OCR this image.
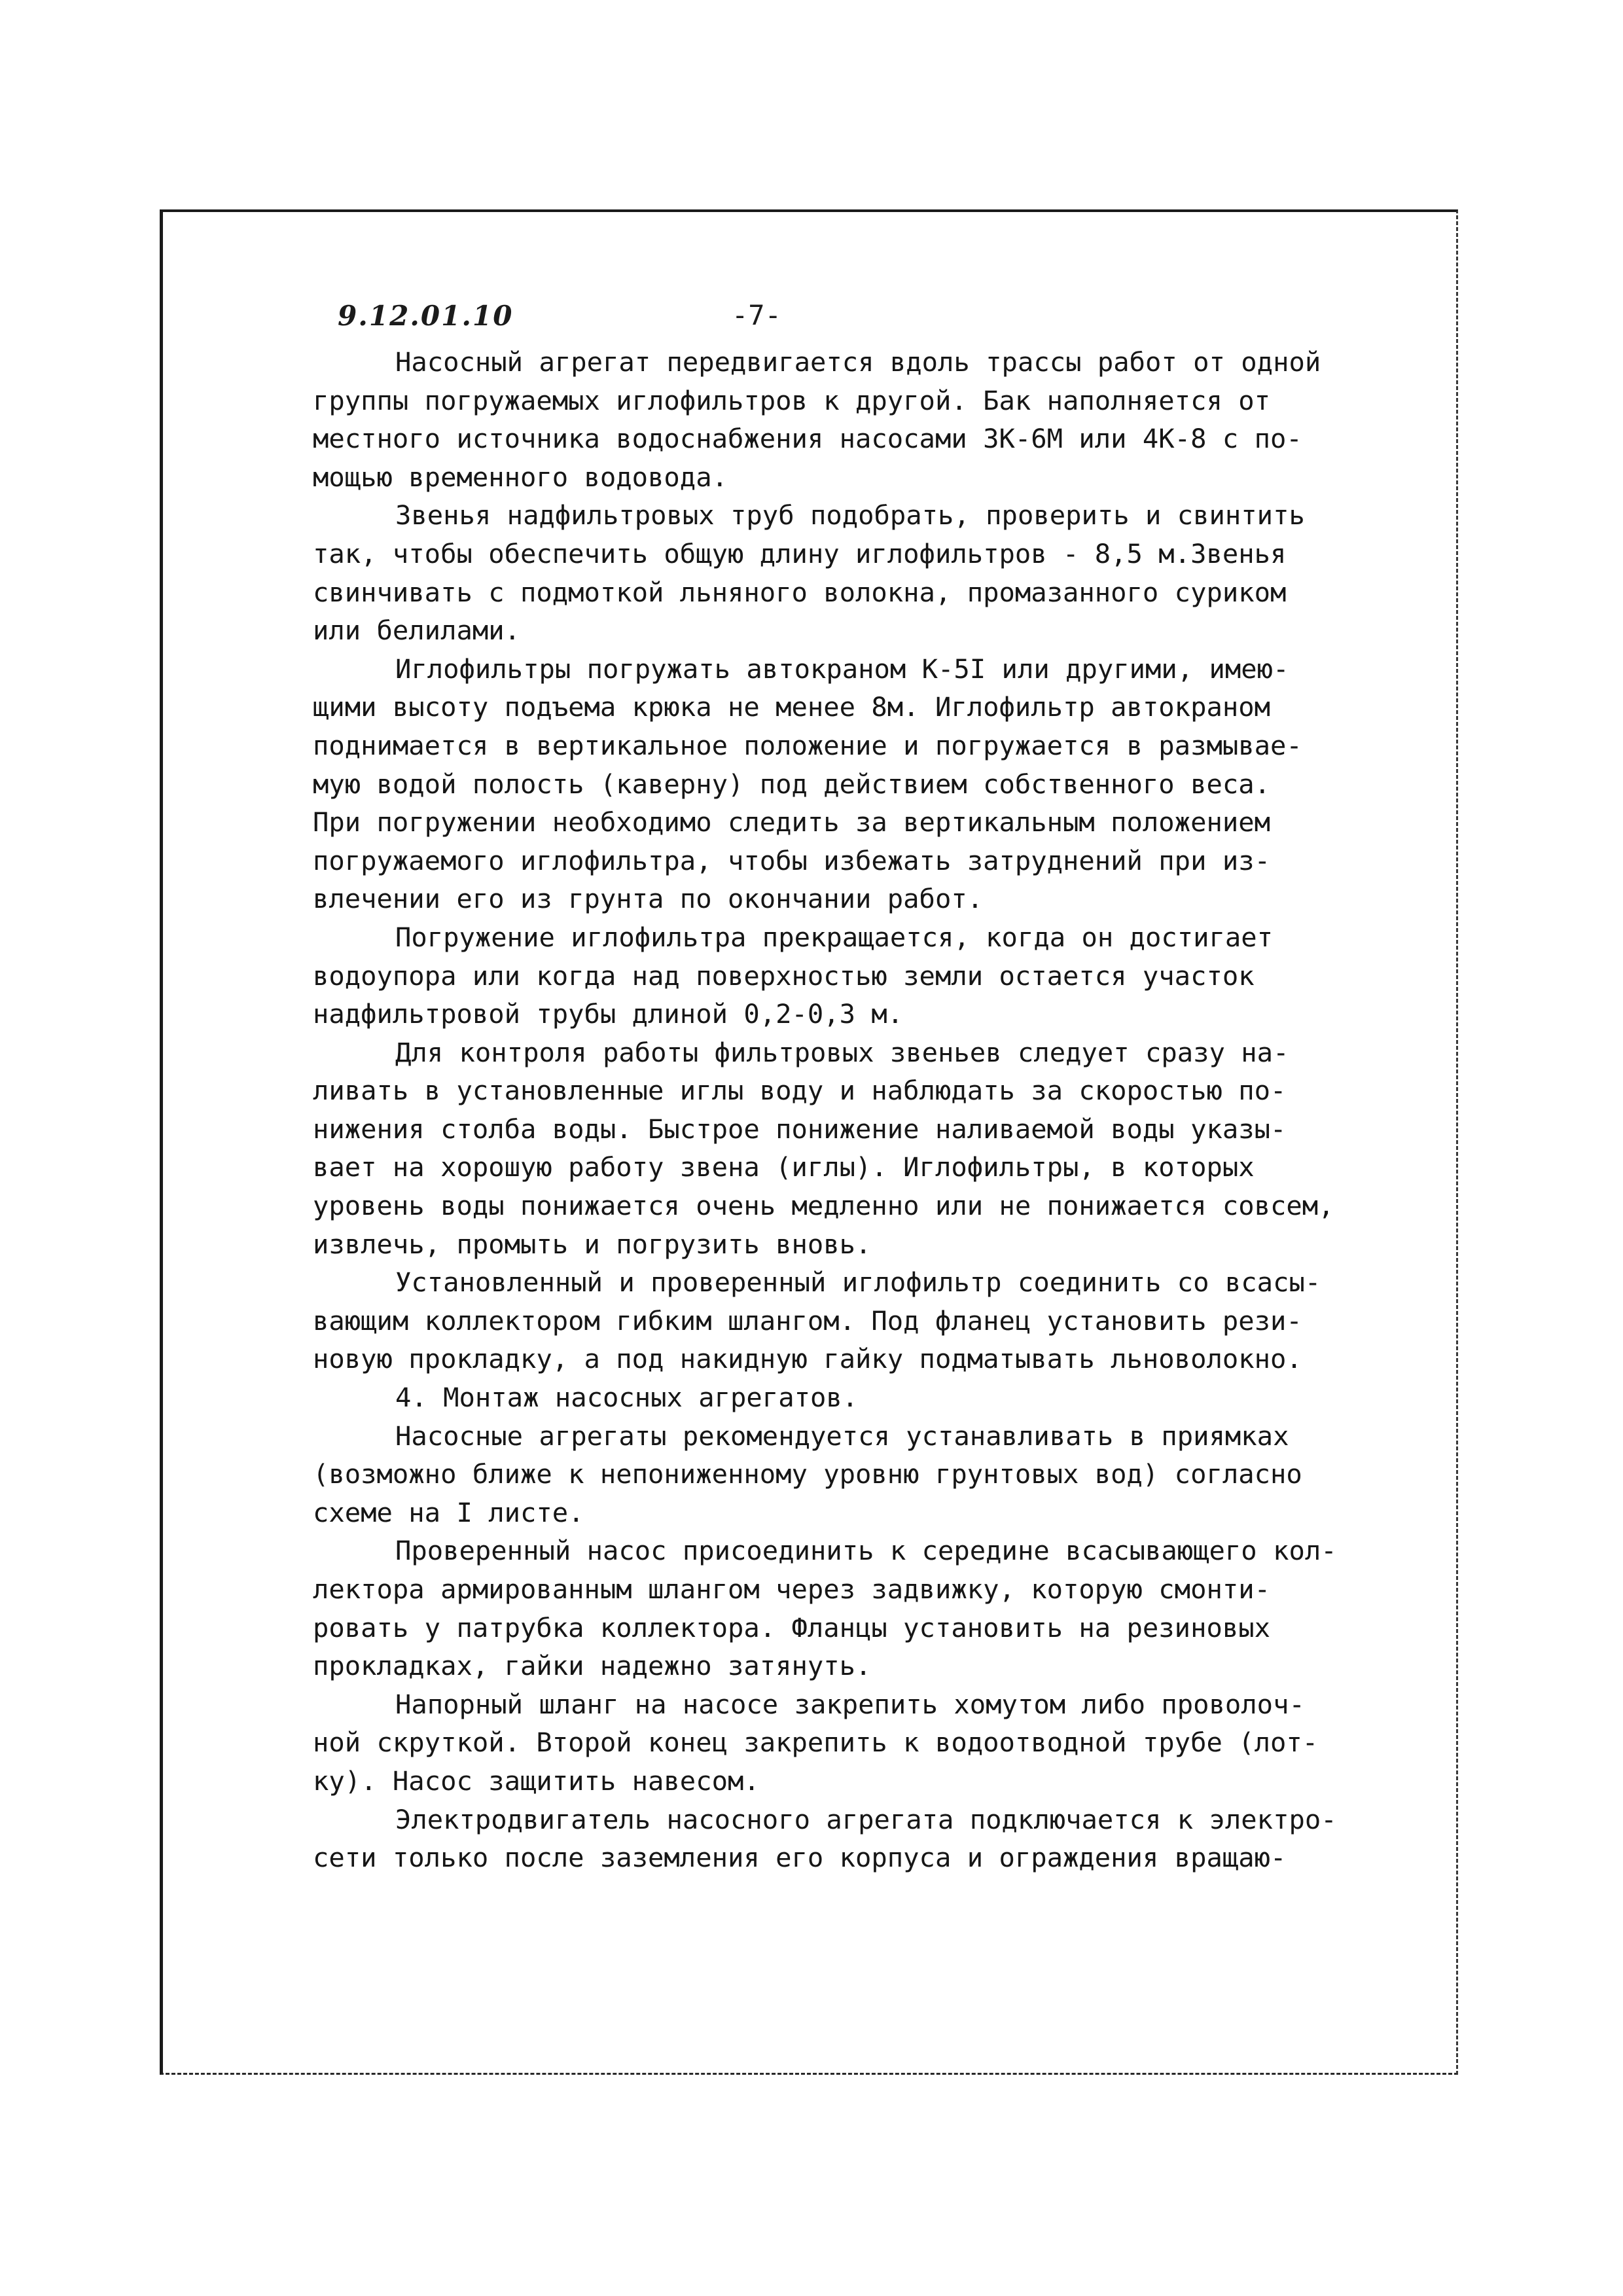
9.12.01.10	-7-
Насосный агрегат передвигается вдоль трассы работ от одной
группы погружаемых иглофильтров к другой. Бак наполняется от
местного источника водоснабжения насосами 3К-6М или 4К-8 с по-
мощью временного водовода.
Звенья надфильтровых труб подобрать, проверить и свинтить
так, чтобы обеспечить общую длину иглофильтров - 8,5 м.Звенья
свинчивать с подмоткой льняного волокна, промазанного суриком
или белилами.
Иглофильтры погружать автокраном К-5I или другими, имею-
щими высоту подъема крюка не менее 8м. Иглофильтр автокраном
поднимается в вертикальное положение и погружается в размывае-
мую водой полость (каверну) под действием собственного веса.
При погружении необходимо следить за вертикальным положением
погружаемого иглофильтра, чтобы избежать затруднений при из-
влечении его из грунта по окончании работ.
Погружение иглофильтра прекращается, когда он достигает
водоупора или когда над поверхностью земли остается участок
надфильтровой трубы длиной 0,2-0,3 м.
Для контроля работы фильтровых звеньев следует сразу на-
ливать в установленные иглы воду и наблюдать за скоростью по-
нижения столба воды. Быстрое понижение наливаемой воды указы-
вает на хорошую работу звена (иглы). Иглофильтры, в которых
уровень воды понижается очень медленно или не понижается совсем,
извлечь, промыть и погрузить вновь.
Установленный и проверенный иглофильтр соединить со всасы-
вающим коллектором гибким шлангом. Под фланец установить рези-
новую прокладку, а под накидную гайку подматывать льноволокно.
4. Монтаж насосных агрегатов.
Насосные агрегаты рекомендуется устанавливать в приямках
(возможно ближе к непониженному уровню грунтовых вод) согласно
схеме на I листе.
Проверенный насос присоединить к середине всасывающего кол-
лектора армированным шлангом через задвижку, которую смонти-
ровать у патрубка коллектора. Фланцы установить на резиновых
прокладках, гайки надежно затянуть.
Напорный шланг на насосе закрепить хомутом либо проволоч-
ной скруткой. Второй конец закрепить к водоотводной трубе (лот-
ку). Насос защитить навесом.
Электродвигатель насосного агрегата подключается к электро-
сети только после заземления его корпуса и ограждения вращаю-
